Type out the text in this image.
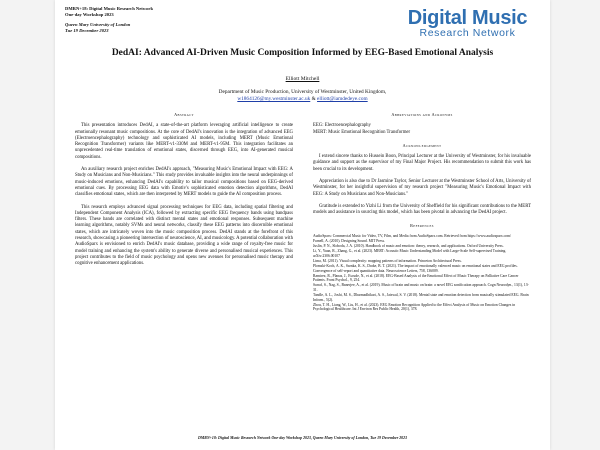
DMRN+18: Digital Music Research Network
One-day Workshop 2023
Queen Mary University of London
Tue 19 December 2023
Digital Music
Research Network
DedAI: Advanced AI-Driven Music Composition Informed by EEG-Based Emotional Analysis
Elliott Mitchell
Department of Music Production, University of Westminster, United Kingdom,
w1864126@my.westminster.ac.uk & elliott@iamdedeye.com
Abstract

This presentation introduces DedAI, a state-of-the-art platform leveraging artificial intelligence to create emotionally resonant music compositions. At the core of DedAI's innovation is the integration of advanced EEG (Electroencephalography) technology and sophisticated AI models, including MERT (Music Emotional Recognition Transformer) variants like MERT-v1-330M and MERT-v1-95M. This integration facilitates an unprecedented real-time translation of emotional states, discerned through EEG, into AI-generated musical compositions.

An auxiliary research project enriches DedAI's approach, "Measuring Music's Emotional Impact with EEG: A Study on Musicians and Non-Musicians." This study provides invaluable insights into the neural underpinnings of music-induced emotions, enhancing DedAI's capability to tailor musical compositions based on EEG-derived emotional cues. By processing EEG data with Emotiv's sophisticated emotion detection algorithms, DedAI classifies emotional states, which are then interpreted by MERT models to guide the AI composition process.

This research employs advanced signal processing techniques for EEG data, including spatial filtering and Independent Component Analysis (ICA), followed by extracting specific EEG frequency bands using bandpass filters. These bands are correlated with distinct mental states and emotional responses. Subsequent machine learning algorithms, notably SVMs and neural networks, classify these EEG patterns into discernible emotional states, which are intricately woven into the music composition process. DedAI stands at the forefront of this research, showcasing a pioneering intersection of neuroscience, AI, and musicology. A potential collaboration with AudioSparx is envisioned to enrich DedAI's music database, providing a wide range of royalty-free music for model training and enhancing the system's ability to generate diverse and personalised musical experiences. This project contributes to the field of music psychology and opens new avenues for personalised music therapy and cognitive enhancement applications.

Abbreviations and Acronyms
EEG: Electroencephalography
MERT: Music Emotional Recognition Transformer
Acknowledgement

I extend sincere thanks to Hussein Boon, Principal Lecturer at the University of Westminster, for his invaluable guidance and support as the supervisor of my Final Major Project. His recommendation to submit this work has been crucial to its development.

Appreciation is also due to Dr Jasmine Taylor, Senior Lecturer at the Westminster School of Arts, University of Westminster, for her insightful supervision of my research project "Measuring Music's Emotional Impact with EEG: A Study on Musicians and Non-Musicians."

Gratitude is extended to Yizhi Li from the University of Sheffield for his significant contributions to the MERT models and assistance in sourcing this model, which has been pivotal in advancing the DedAI project.

References
AudioSparx: Commercial Music for Video, TV, Film, and Media from AudioSparx.com. Retrieved from https://www.audiosparx.com/
Farnell, A. (2010). Designing Sound. MIT Press.
Juslin, P. N., Sloboda, J. A. (2010). Handbook of music and emotion: theory, research, and applications. Oxford University Press.
Li, Y., Yuan, R., Zhang, G., et al. (2023). MERT: Acoustic Music Understanding Model with Large-Scale Self-supervised Training. arXiv:2306.00107
Lima, M. (2011). Visual complexity: mapping patterns of information. Princeton Architectural Press.
Plomski-Koch, A. K., Sarnka, K. S., Drake, B. T. (2021). The impact of emotionally valenced music on emotional states and EEG profiles. Convergence of self-report and quantitative data. Neuroscience Letters, 758, 136009.
Ramirez, R., Planas, J., Escude, N., et al. (2018). EEG-Based Analysis of the Emotional Effect of Music Therapy on Palliative Care Cancer Patients. Front Psychol., 9, 254.
Sarraf, S., Nag, S., Banerjee, A., et al. (2019). Music of brain and music on brain: a novel EEG sonification approach. Cogn Neurodyn., 13(1), 13-31.
Tandle, A. L., Joshi, M. S., Dharmadhikari, A. S., Jaiswal, S. V. (2018). Mental state and emotion detection from musically stimulated EEG. Brain Inform., 5(2).
Zhou, T. H., Liang, W., Liu, H., et al. (2023). EEG Emotion Recognition Applied to the Effect Analysis of Music on Emotion Changes in Psychological Healthcare. Int J Environ Res Public Health, 20(1), 378.
DMRN+18: Digital Music Research Network One-day Workshop 2023, Queen Mary University of London, Tue 19 December 2023
